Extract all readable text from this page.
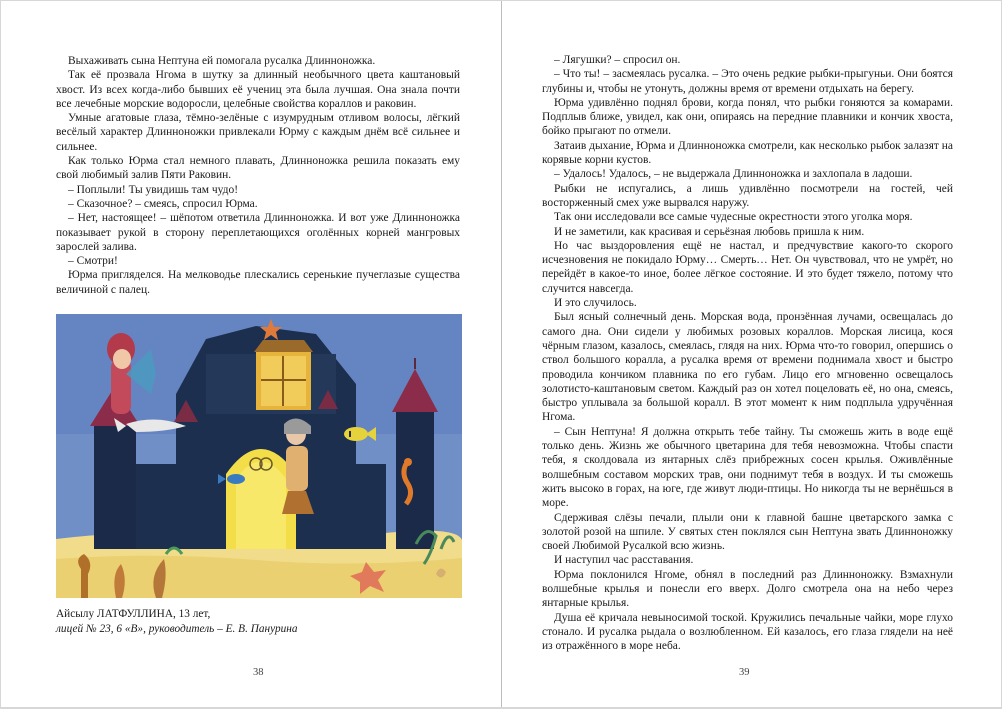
Выхаживать сына Нептуна ей помогала русалка Длинноножка.

Так её прозвала Нгома в шутку за длинный необычного цвета каштановый хвост. Из всех когда-либо бывших её учениц эта была лучшая. Она знала почти все лечебные морские водоросли, целебные свойства кораллов и раковин.

Умные агатовые глаза, тёмно-зелёные с изумрудным отливом волосы, лёгкий весёлый характер Длинноножки привлекали Юрму с каждым днём всё сильнее и сильнее.

Как только Юрма стал немного плавать, Длинноножка решила показать ему свой любимый залив Пяти Раковин.

– Поплыли! Ты увидишь там чудо!

– Сказочное? – смеясь, спросил Юрма.

– Нет, настоящее! – шёпотом ответила Длинноножка. И вот уже Длинноножка показывает рукой в сторону переплетающихся оголённых корней мангровых зарослей залива.

– Смотри!

Юрма пригляделся. На мелководье плескались серенькие пучеглазые существа величиной с палец.

Айсылу ЛАТФУЛЛИНА, 13 лет,
лицей № 23, 6 «В», руководитель – Е. В. Панурина
38

– Лягушки? – спросил он.

– Что ты! – засмеялась русалка. – Это очень редкие рыбки-прыгуньи. Они боятся глубины и, чтобы не утонуть, должны время от времени отдыхать на берегу.

Юрма удивлённо поднял брови, когда понял, что рыбки гоняются за комарами. Подплыв ближе, увидел, как они, опираясь на передние плавники и кончик хвоста, бойко прыгают по отмели.

Затаив дыхание, Юрма и Длинноножка смотрели, как несколько рыбок залазят на корявые корни кустов.

– Удалось! Удалось, – не выдержала Длинноножка и захлопала в ладоши.

Рыбки не испугались, а лишь удивлённо посмотрели на гостей, чей восторженный смех уже вырвался наружу.

Так они исследовали все самые чудесные окрестности этого уголка моря.

И не заметили, как красивая и серьёзная любовь пришла к ним.

Но час выздоровления ещё не настал, и предчувствие какого-то скорого исчезновения не покидало Юрму… Смерть… Нет. Он чувствовал, что не умрёт, но перейдёт в какое-то иное, более лёгкое состояние. И это будет тяжело, потому что случится навсегда.

И это случилось.

Был ясный солнечный день. Морская вода, пронзённая лучами, освещалась до самого дна. Они сидели у любимых розовых кораллов. Морская лисица, кося чёрным глазом, казалось, смеялась, глядя на них. Юрма что-то говорил, опершись о ствол большого коралла, а русалка время от времени поднимала хвост и быстро проводила кончиком плавника по его губам. Лицо его мгновенно освещалось золотисто-каштановым светом. Каждый раз он хотел поцеловать её, но она, смеясь, быстро уплывала за большой коралл. В этот момент к ним подплыла удручённая Нгома.

– Сын Нептуна! Я должна открыть тебе тайну. Ты сможешь жить в воде ещё только день. Жизнь же обычного цветарина для тебя невозможна. Чтобы спасти тебя, я сколдовала из янтарных слёз прибрежных сосен крылья. Оживлённые волшебным составом морских трав, они поднимут тебя в воздух. И ты сможешь жить высоко в горах, на юге, где живут люди-птицы. Но никогда ты не вернёшься в море.

Сдерживая слёзы печали, плыли они к главной башне цветарского замка с золотой розой на шпиле. У святых стен поклялся сын Нептуна звать Длинноножку своей Любимой Русалкой всю жизнь.

И наступил час расставания.

Юрма поклонился Нгоме, обнял в последний раз Длинноножку. Взмахнули волшебные крылья и понесли его вверх. Долго смотрела она на небо через янтарные крылья.

Душа её кричала невыносимой тоской. Кружились печальные чайки, море глухо стонало. И русалка рыдала о возлюбленном. Ей казалось, его глаза глядели на неё из отражённого в море неба.

39
